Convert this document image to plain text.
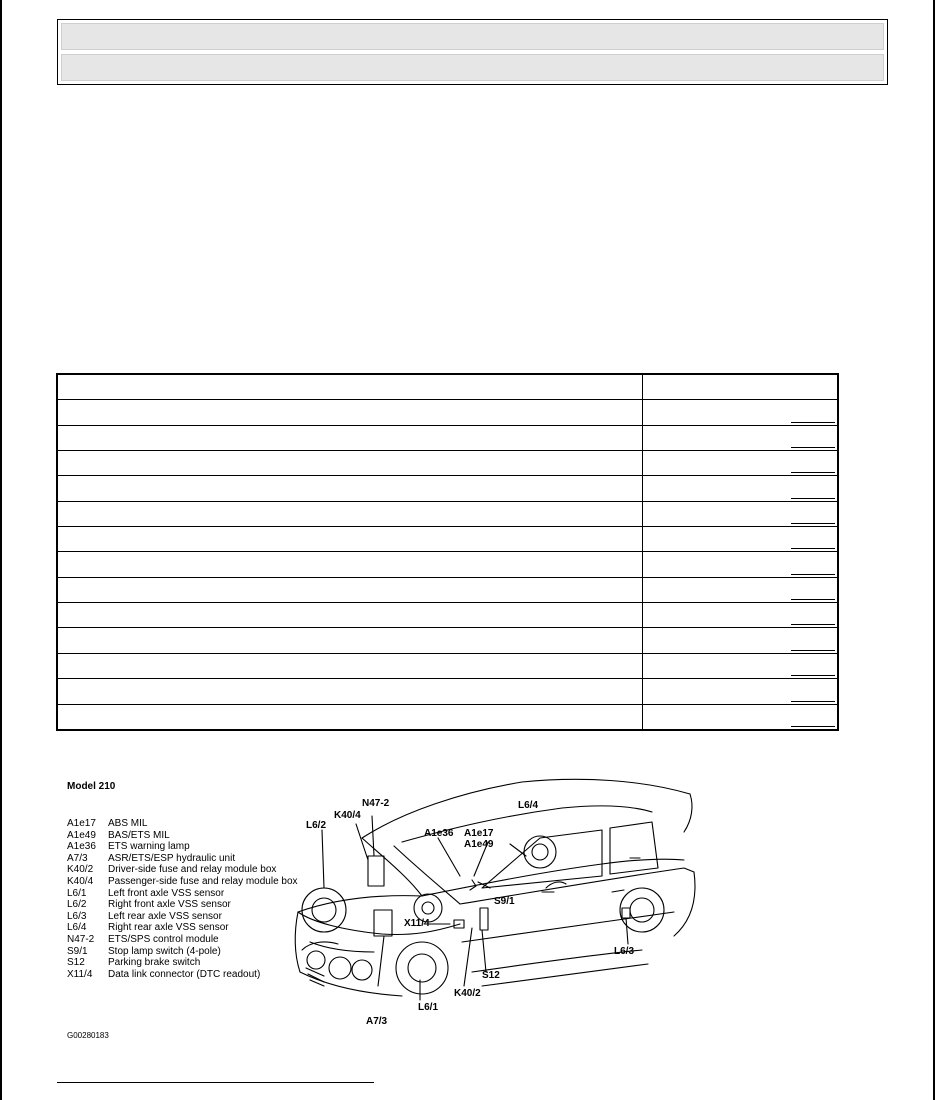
Model 210
A1e17	ABS MIL
A1e49	BAS/ETS MIL
A1e36	ETS warning lamp
A7/3	ASR/ETS/ESP hydraulic unit
K40/2	Driver-side fuse and relay module box
K40/4	Passenger-side fuse and relay module box
L6/1	Left front axle VSS sensor
L6/2	Right front axle VSS sensor
L6/3	Left rear axle VSS sensor
L6/4	Right rear axle VSS sensor
N47-2	ETS/SPS control module
S9/1	Stop lamp switch (4-pole)
S12	Parking brake switch
X11/4	Data link connector (DTC readout)
N47-2
K40/4
L6/2
A1e36 A1e17
A1e49
L6/4
S9/1
X11/4
S12
K40/2
A7/3
L6/1
L6/3
G00280183
